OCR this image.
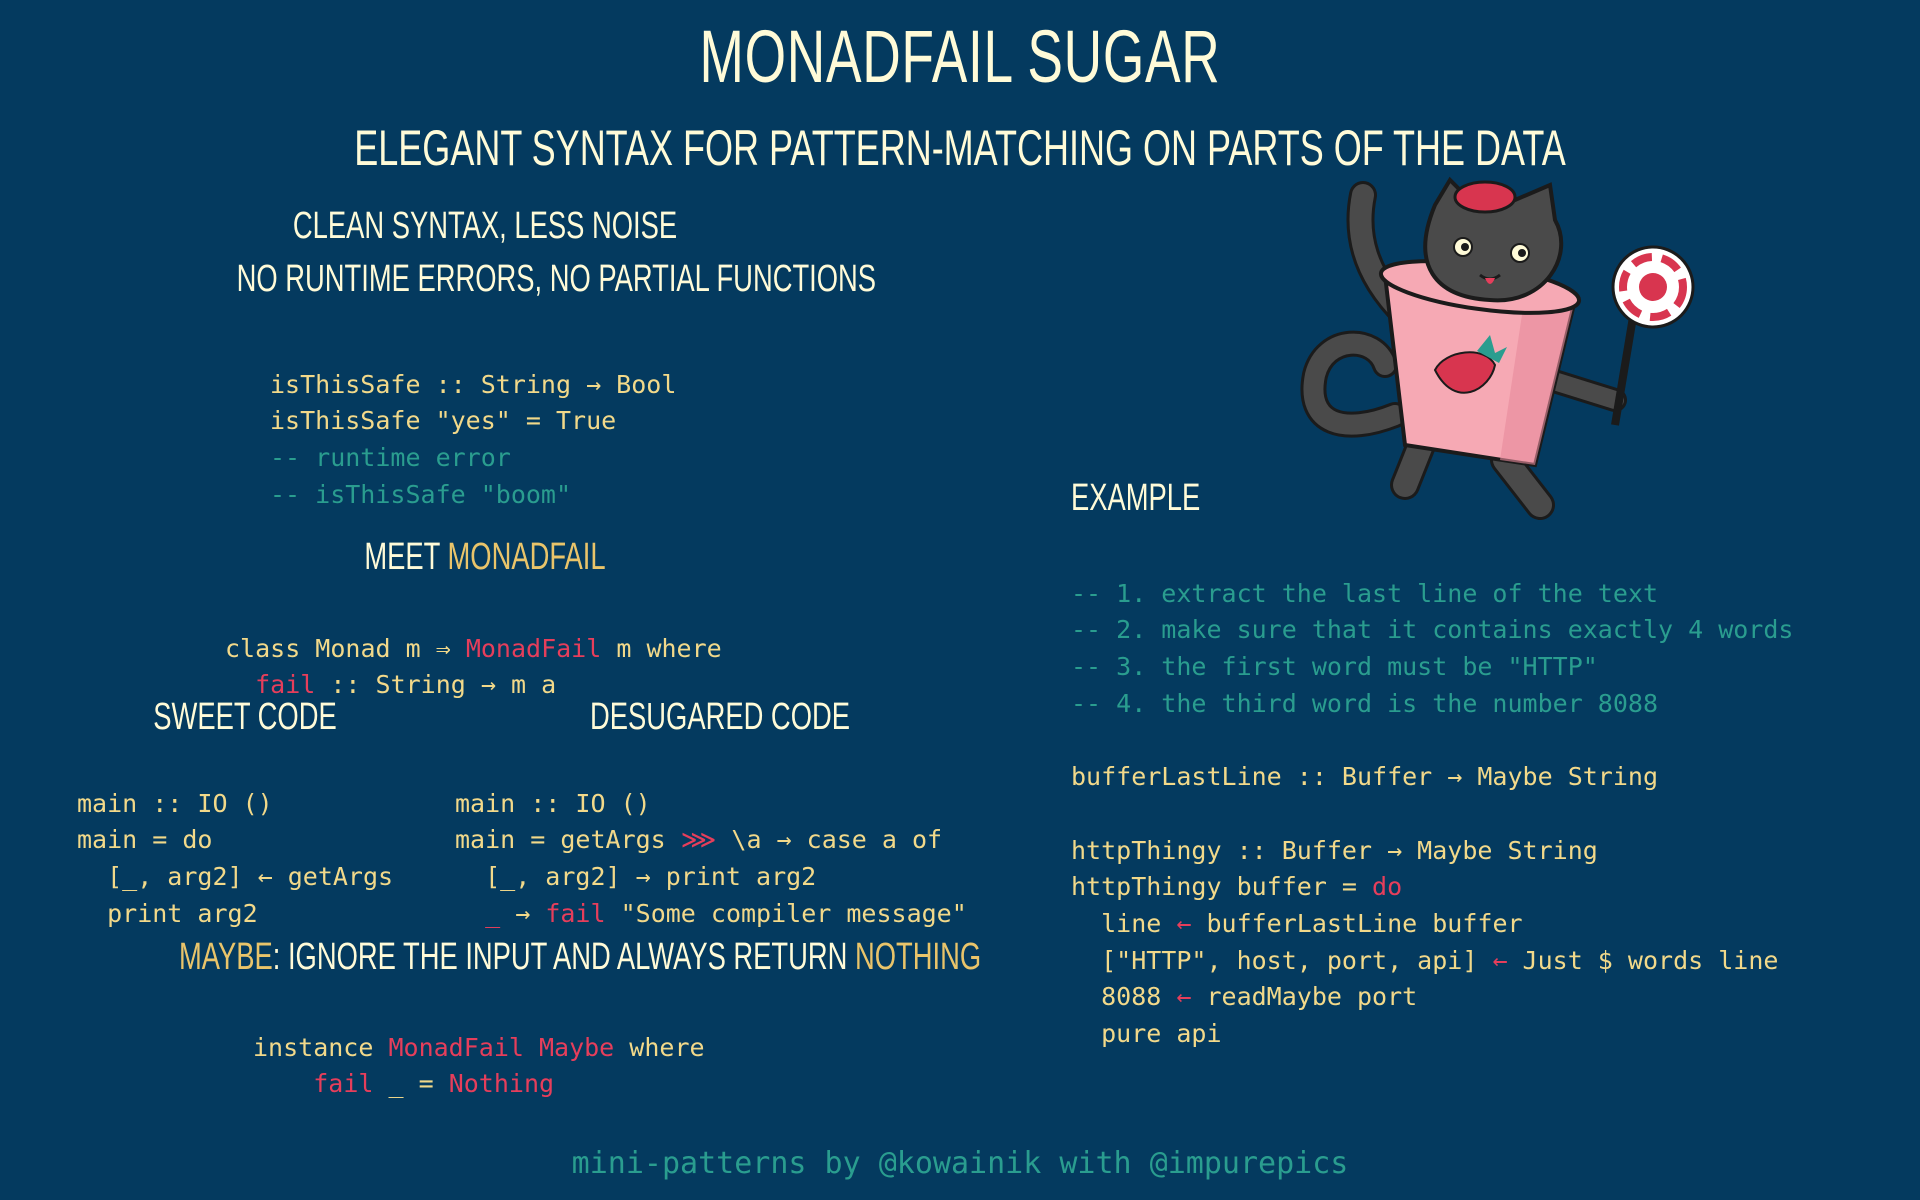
MONADFAIL SUGAR
ELEGANT SYNTAX FOR PATTERN-MATCHING ON PARTS OF THE DATA
CLEAN SYNTAX, LESS NOISE
NO RUNTIME ERRORS, NO PARTIAL FUNCTIONS

isThisSafe :: String → Bool
isThisSafe "yes" = True
-- runtime error
-- isThisSafe "boom"
MEET MONADFAIL

class Monad m ⇒ MonadFail m where
fail :: String → m a
SWEET CODE

main :: IO ()
main = do
[_, arg2] ← getArgs
print arg2
DESUGARED CODE

main :: IO ()
main = getArgs ⋙ \a → case a of
[_, arg2] → print arg2
_ → fail "Some compiler message"
MAYBE: IGNORE THE INPUT AND ALWAYS RETURN NOTHING

instance MonadFail Maybe where
fail _ = Nothing
EXAMPLE

-- 1. extract the last line of the text
-- 2. make sure that it contains exactly 4 words
-- 3. the first word must be "HTTP"
-- 4. the third word is the number 8088
bufferLastLine :: Buffer → Maybe String
httpThingy :: Buffer → Maybe String
httpThingy buffer = do
line ← bufferLastLine buffer
["HTTP", host, port, api] ← Just $ words line
8088 ← readMaybe port
pure api
mini-patterns by @kowainik with @impurepics
